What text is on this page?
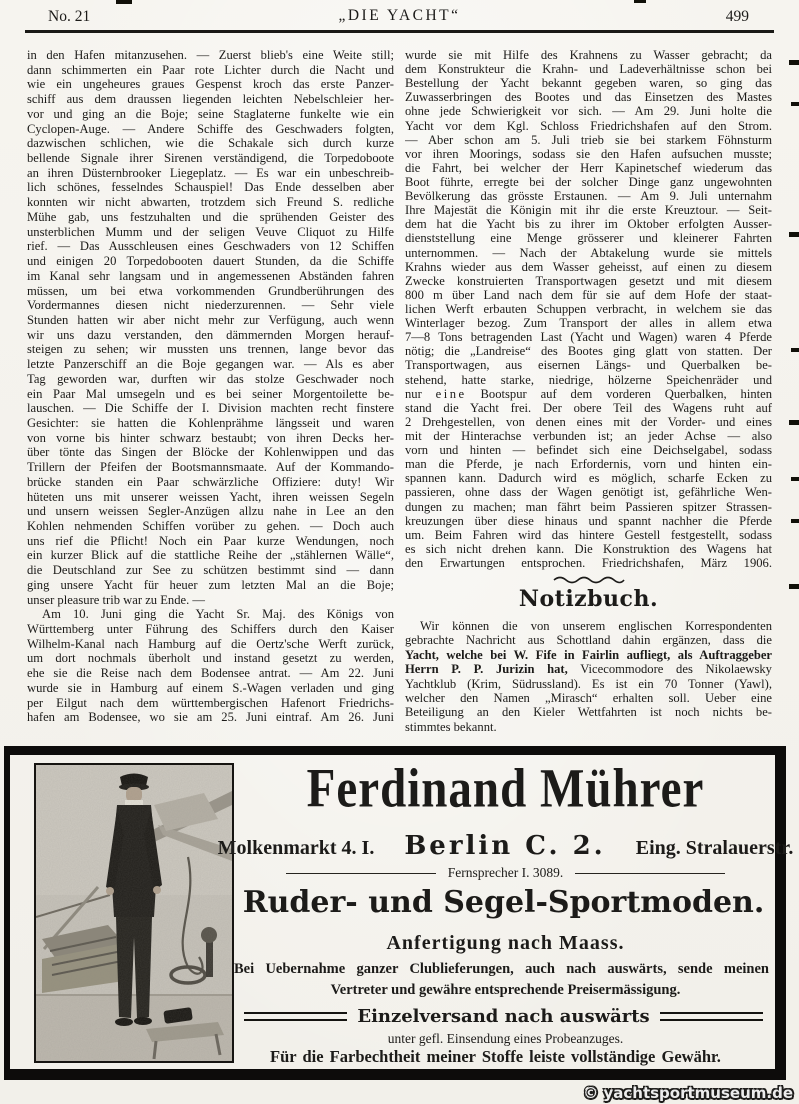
No. 21	„DIE YACHT“	499
in den Hafen mitanzusehen. — Zuerst blieb's eine Weite still;
dann schimmerten ein Paar rote Lichter durch die Nacht und
wie ein ungeheures graues Gespenst kroch das erste Panzer-
schiff aus dem draussen liegenden leichten Nebelschleier her-
vor und ging an die Boje; seine Staglaterne funkelte wie ein
Cyclopen-Auge. — Andere Schiffe des Geschwaders folgten,
dazwischen schlichen, wie die Schakale sich durch kurze
bellende Signale ihrer Sirenen verständigend, die Torpedoboote
an ihren Düsternbrooker Liegeplatz. — Es war ein unbeschreib-
lich schönes, fesselndes Schauspiel! Das Ende desselben aber
konnten wir nicht abwarten, trotzdem sich Freund S. redliche
Mühe gab, uns festzuhalten und die sprühenden Geister des
unsterblichen Mumm und der seligen Veuve Cliquot zu Hilfe
rief. — Das Ausschleusen eines Geschwaders von 12 Schiffen
und einigen 20 Torpedobooten dauert Stunden, da die Schiffe
im Kanal sehr langsam und in angemessenen Abständen fahren
müssen, um bei etwa vorkommenden Grundberührungen des
Vordermannes diesen nicht niederzurennen. — Sehr viele
Stunden hatten wir aber nicht mehr zur Verfügung, auch wenn
wir uns dazu verstanden, den dämmernden Morgen herauf-
steigen zu sehen; wir mussten uns trennen, lange bevor das
letzte Panzerschiff an die Boje gegangen war. — Als es aber
Tag geworden war, durften wir das stolze Geschwader noch
ein Paar Mal umsegeln und es bei seiner Morgentoilette be-
lauschen. — Die Schiffe der I. Division machten recht finstere
Gesichter: sie hatten die Kohlenprähme längsseit und waren
von vorne bis hinter schwarz bestaubt; von ihren Decks her-
über tönte das Singen der Blöcke der Kohlenwippen und das
Trillern der Pfeifen der Bootsmannsmaate. Auf der Kommando-
brücke standen ein Paar schwärzliche Offiziere: duty! Wir
hüteten uns mit unserer weissen Yacht, ihren weissen Segeln
und unsern weissen Segler-Anzügen allzu nahe in Lee an den
Kohlen nehmenden Schiffen vorüber zu gehen. — Doch auch
uns rief die Pflicht! Noch ein Paar kurze Wendungen, noch
ein kurzer Blick auf die stattliche Reihe der „stählernen Wälle“,
die Deutschland zur See zu schützen bestimmt sind — dann
ging unsere Yacht für heuer zum letzten Mal an die Boje;
unser pleasure trib war zu Ende. —
Am 10. Juni ging die Yacht Sr. Maj. des Königs von
Württemberg unter Führung des Schiffers durch den Kaiser
Wilhelm-Kanal nach Hamburg auf die Oertz'sche Werft zurück,
um dort nochmals überholt und instand gesetzt zu werden,
ehe sie die Reise nach dem Bodensee antrat. — Am 22. Juni
wurde sie in Hamburg auf einem S.-Wagen verladen und ging
per Eilgut nach dem württembergischen Hafenort Friedrichs-
hafen am Bodensee, wo sie am 25. Juni eintraf. Am 26. Juni
wurde sie mit Hilfe des Krahnens zu Wasser gebracht; da
dem Konstrukteur die Krahn- und Ladeverhältnisse schon bei
Bestellung der Yacht bekannt gegeben waren, so ging das
Zuwasserbringen des Bootes und das Einsetzen des Mastes
ohne jede Schwierigkeit vor sich. — Am 29. Juni holte die
Yacht vor dem Kgl. Schloss Friedrichshafen auf den Strom.
— Aber schon am 5. Juli trieb sie bei starkem Föhnsturm
vor ihren Moorings, sodass sie den Hafen aufsuchen musste;
die Fahrt, bei welcher der Herr Kapinetschef wiederum das
Boot führte, erregte bei der solcher Dinge ganz ungewohnten
Bevölkerung das grösste Erstaunen. — Am 9. Juli unternahm
Ihre Majestät die Königin mit ihr die erste Kreuztour. — Seit-
dem hat die Yacht bis zu ihrer im Oktober erfolgten Ausser-
dienststellung eine Menge grösserer und kleinerer Fahrten
unternommen. — Nach der Abtakelung wurde sie mittels
Krahns wieder aus dem Wasser geheisst, auf einen zu diesem
Zwecke konstruierten Transportwagen gesetzt und mit diesem
800 m über Land nach dem für sie auf dem Hofe der staat-
lichen Werft erbauten Schuppen verbracht, in welchem sie das
Winterlager bezog. Zum Transport der alles in allem etwa
7—8 Tons betragenden Last (Yacht und Wagen) waren 4 Pferde
nötig; die „Landreise“ des Bootes ging glatt von statten. Der
Transportwagen, aus eisernen Längs- und Querbalken be-
stehend, hatte starke, niedrige, hölzerne Speichenräder und
nur eine Bootspur auf dem vorderen Querbalken, hinten
stand die Yacht frei. Der obere Teil des Wagens ruht auf
2 Drehgestellen, von denen eines mit der Vorder- und eines
mit der Hinterachse verbunden ist; an jeder Achse — also
vorn und hinten — befindet sich eine Deichselgabel, sodass
man die Pferde, je nach Erfordernis, vorn und hinten ein-
spannen kann. Dadurch wird es möglich, scharfe Ecken zu
passieren, ohne dass der Wagen genötigt ist, gefährliche Wen-
dungen zu machen; man fährt beim Passieren spitzer Strassen-
kreuzungen über diese hinaus und spannt nachher die Pferde
um. Beim Fahren wird das hintere Gestell festgestellt, sodass
es sich nicht drehen kann. Die Konstruktion des Wagens hat
den Erwartungen entsprochen. Friedrichshafen, März 1906.
Notizbuch.
Wir können die von unserem englischen Korrespondenten
gebrachte Nachricht aus Schottland dahin ergänzen, dass die
Yacht, welche bei W. Fife in Fairlin aufliegt, als Auftraggeber
Herrn P. P. Jurizin hat, Vicecommodore des Nikolaewsky
Yachtklub (Krim, Südrussland). Es ist ein 70 Tonner (Yawl),
welcher den Namen „Mirasch“ erhalten soll. Ueber eine
Beteiligung an den Kieler Wettfahrten ist noch nichts be-
stimmtes bekannt.
Ferdinand Mührer
Molkenmarkt 4. I. Berlin C. 2. Eing. Stralauerstr.
Fernsprecher I. 3089.
Ruder- und Segel-Sportmoden.
Anfertigung nach Maass.
Bei Uebernahme ganzer Clublieferungen, auch nach auswärts, sende meinen
Vertreter und gewähre entsprechende Preisermässigung.
Einzelversand nach auswärts
unter gefl. Einsendung eines Probeanzuges.
Für die Farbechtheit meiner Stoffe leiste vollständige Gewähr.
© yachtsportmuseum.de
